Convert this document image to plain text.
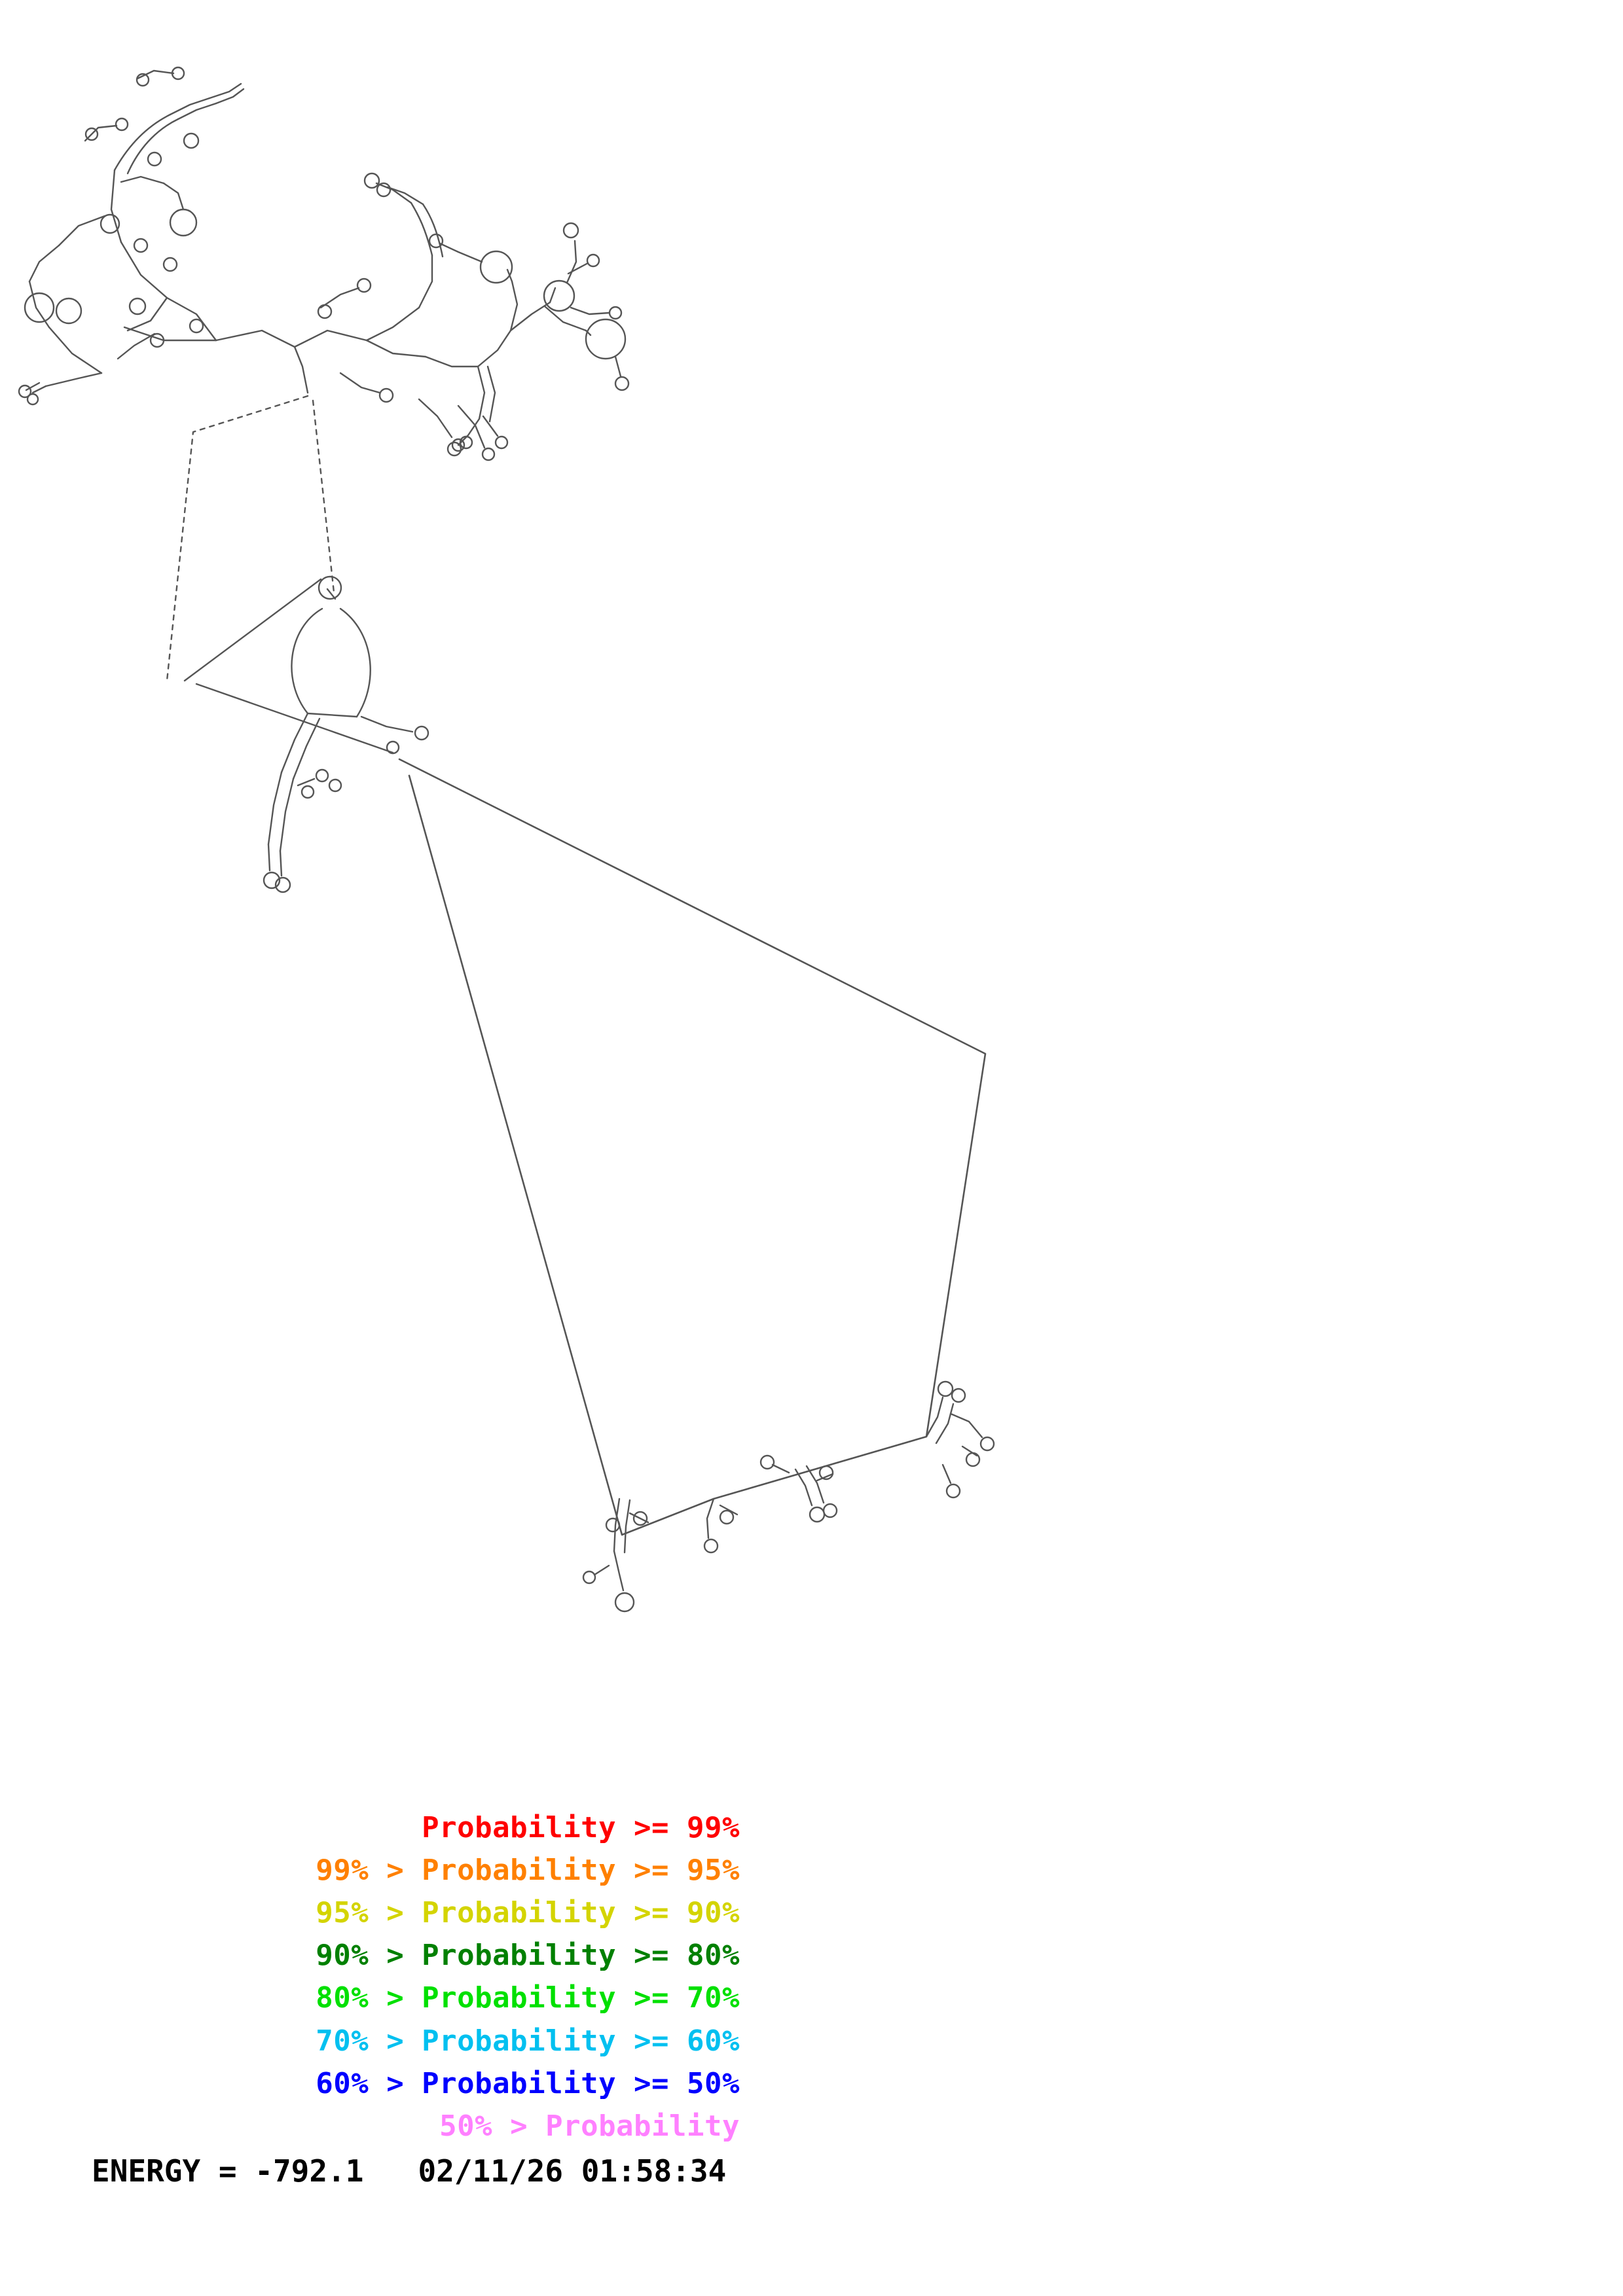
Probability >= 99%
99% > Probability >= 95%
95% > Probability >= 90%
90% > Probability >= 80%
80% > Probability >= 70%
70% > Probability >= 60%
60% > Probability >= 50%
50% > Probability
ENERGY = -792.1   02/11/26 01:58:34
